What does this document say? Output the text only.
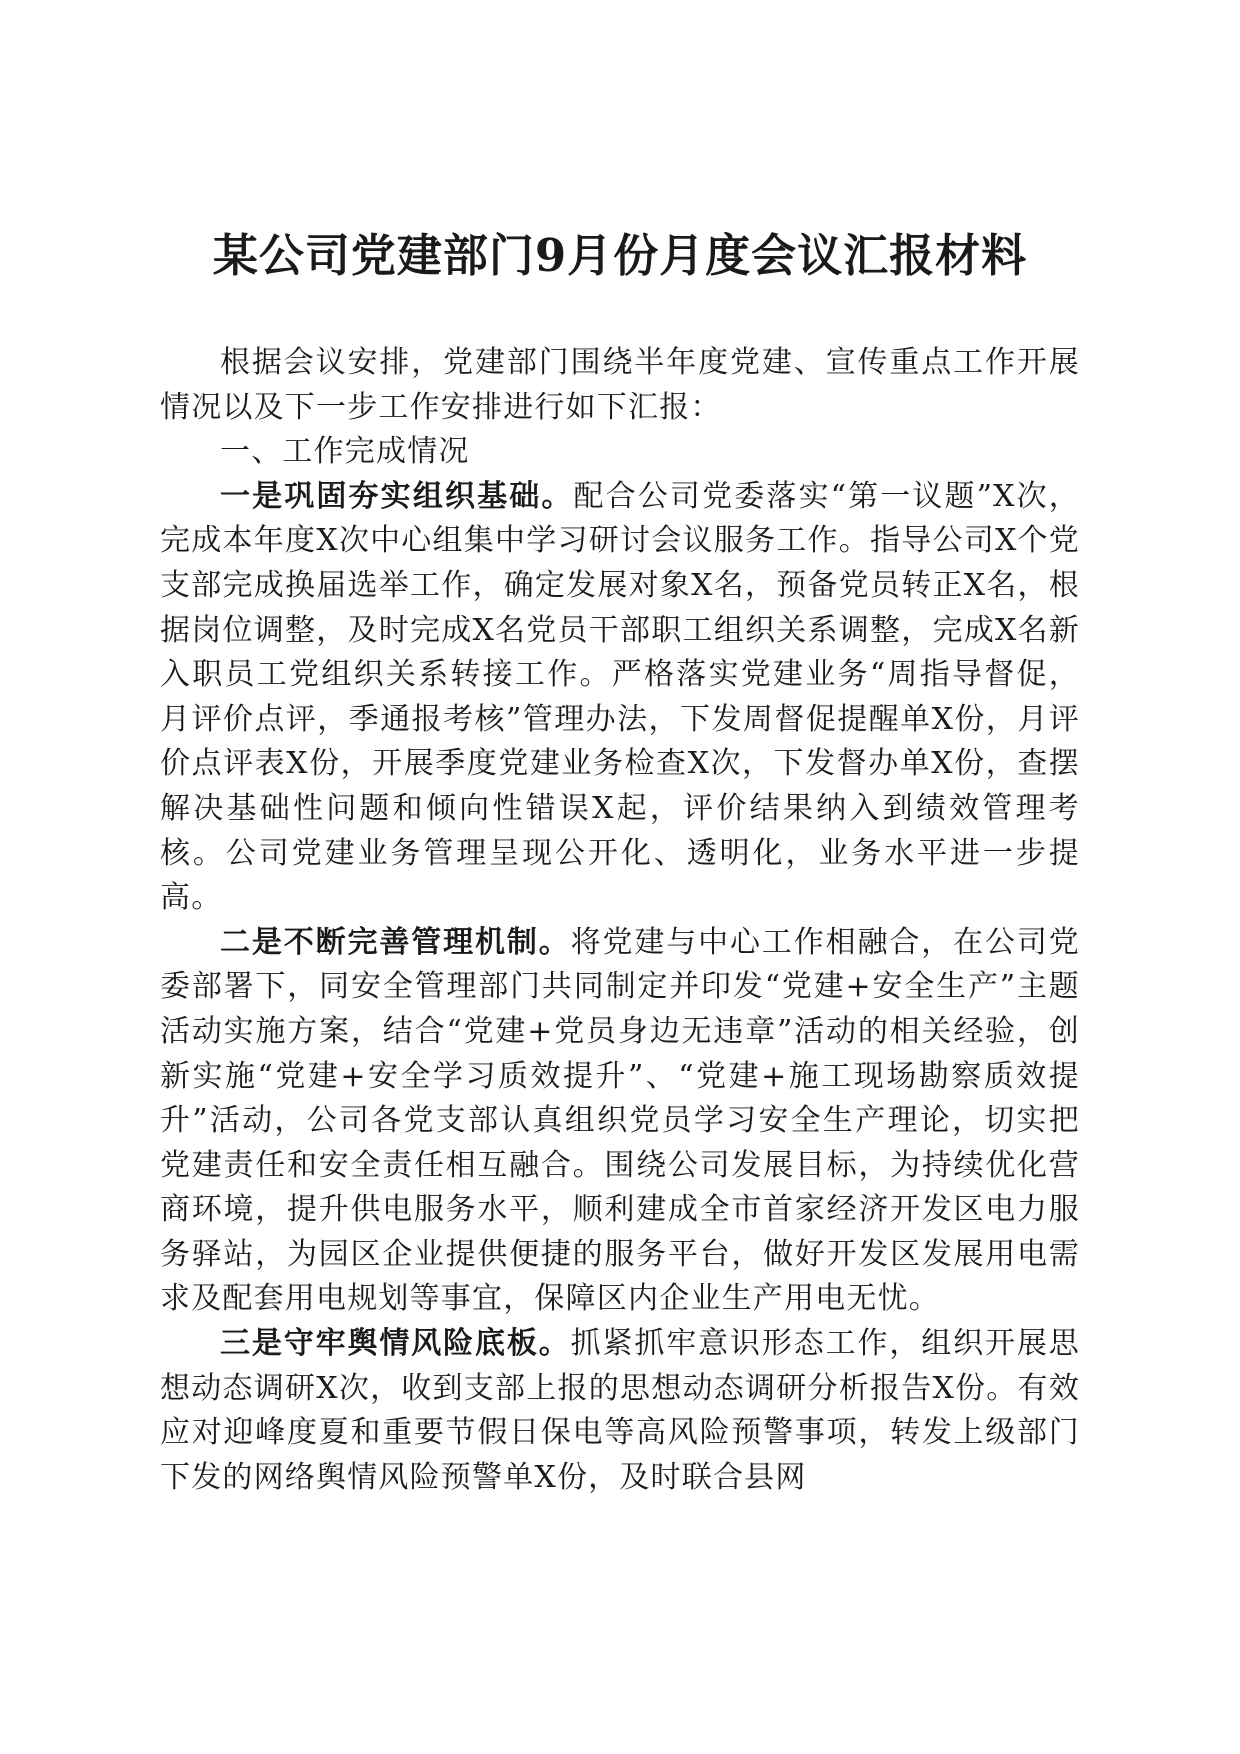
某公司党建部门9月份月度会议汇报材料

根据会议安排，党建部门围绕半年度党建、宣传重点工作开展情况以及下一步工作安排进行如下汇报：

一、工作完成情况

一是巩固夯实组织基础。配合公司党委落实“第一议题”X次，完成本年度X次中心组集中学习研讨会议服务工作。指导公司X个党支部完成换届选举工作，确定发展对象X名，预备党员转正X名，根据岗位调整，及时完成X名党员干部职工组织关系调整，完成X名新入职员工党组织关系转接工作。严格落实党建业务“周指导督促，月评价点评，季通报考核”管理办法，下发周督促提醒单X份，月评价点评表X份，开展季度党建业务检查X次，下发督办单X份，查摆解决基础性问题和倾向性错误X起，评价结果纳入到绩效管理考核。公司党建业务管理呈现公开化、透明化，业务水平进一步提高。

二是不断完善管理机制。将党建与中心工作相融合，在公司党委部署下，同安全管理部门共同制定并印发“党建+安全生产”主题活动实施方案，结合“党建+党员身边无违章”活动的相关经验，创新实施“党建+安全学习质效提升”、“党建+施工现场勘察质效提升”活动，公司各党支部认真组织党员学习安全生产理论，切实把党建责任和安全责任相互融合。围绕公司发展目标，为持续优化营商环境，提升供电服务水平，顺利建成全市首家经济开发区电力服务驿站，为园区企业提供便捷的服务平台，做好开发区发展用电需求及配套用电规划等事宜，保障区内企业生产用电无忧。

三是守牢舆情风险底板。抓紧抓牢意识形态工作，组织开展思想动态调研X次，收到支部上报的思想动态调研分析报告X份。有效应对迎峰度夏和重要节假日保电等高风险预警事项，转发上级部门下发的网络舆情风险预警单X份，及时联合县网
